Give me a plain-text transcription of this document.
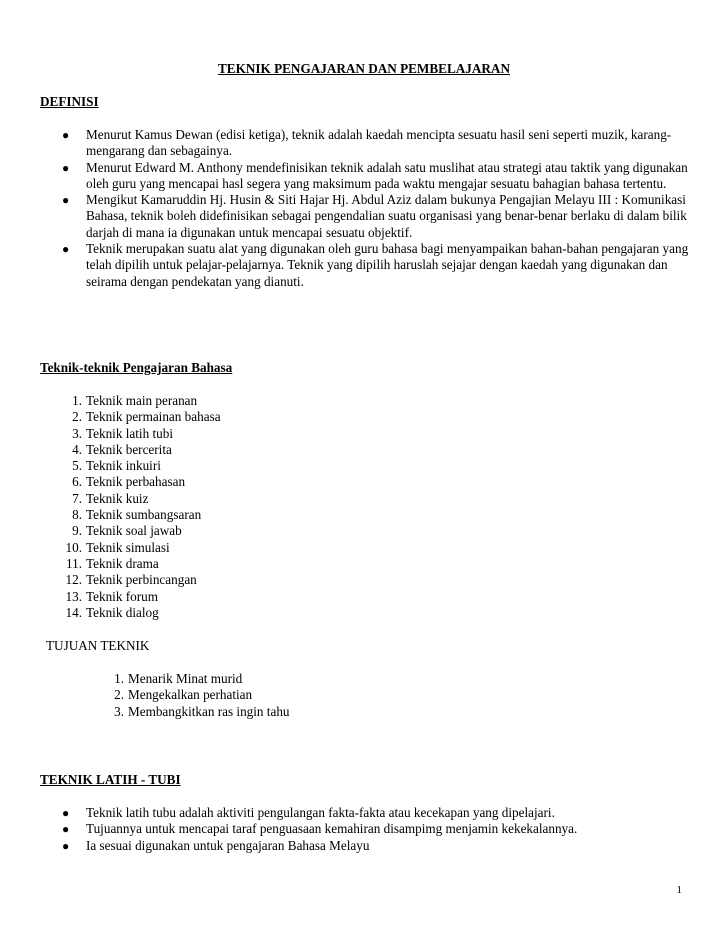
TEKNIK PENGAJARAN DAN PEMBELAJARAN
DEFINISI
● Menurut Kamus Dewan (edisi ketiga), teknik adalah kaedah mencipta sesuatu hasil seni seperti muzik, karang-mengarang dan sebagainya.
● Menurut Edward M. Anthony mendefinisikan teknik adalah satu muslihat atau strategi atau taktik yang digunakan oleh guru yang mencapai hasl segera yang maksimum pada waktu mengajar sesuatu bahagian bahasa tertentu.
● Mengikut Kamaruddin Hj. Husin & Siti Hajar Hj. Abdul Aziz dalam bukunya Pengajian Melayu III : Komunikasi Bahasa, teknik boleh didefinisikan sebagai pengendalian suatu organisasi yang benar-benar berlaku di dalam bilik darjah di mana ia digunakan untuk mencapai sesuatu objektif.
● Teknik merupakan suatu alat yang digunakan oleh guru bahasa bagi menyampaikan bahan-bahan pengajaran yang telah dipilih untuk pelajar-pelajarnya. Teknik yang dipilih haruslah sejajar dengan kaedah yang digunakan dan seirama dengan pendekatan yang dianuti.
Teknik-teknik Pengajaran Bahasa
1. Teknik main peranan
2. Teknik permainan bahasa
3. Teknik latih tubi
4. Teknik bercerita
5. Teknik inkuiri
6. Teknik perbahasan
7. Teknik kuiz
8. Teknik sumbangsaran
9. Teknik soal jawab
10. Teknik simulasi
11. Teknik drama
12. Teknik perbincangan
13. Teknik forum
14. Teknik dialog
TUJUAN TEKNIK
1. Menarik Minat murid
2. Mengekalkan perhatian
3. Membangkitkan ras ingin tahu
TEKNIK LATIH - TUBI
● Teknik latih tubu adalah aktiviti pengulangan fakta-fakta atau kecekapan yang dipelajari.
● Tujuannya untuk mencapai taraf penguasaan kemahiran disampimg menjamin kekekalannya.
● Ia sesuai digunakan untuk pengajaran Bahasa Melayu
1
